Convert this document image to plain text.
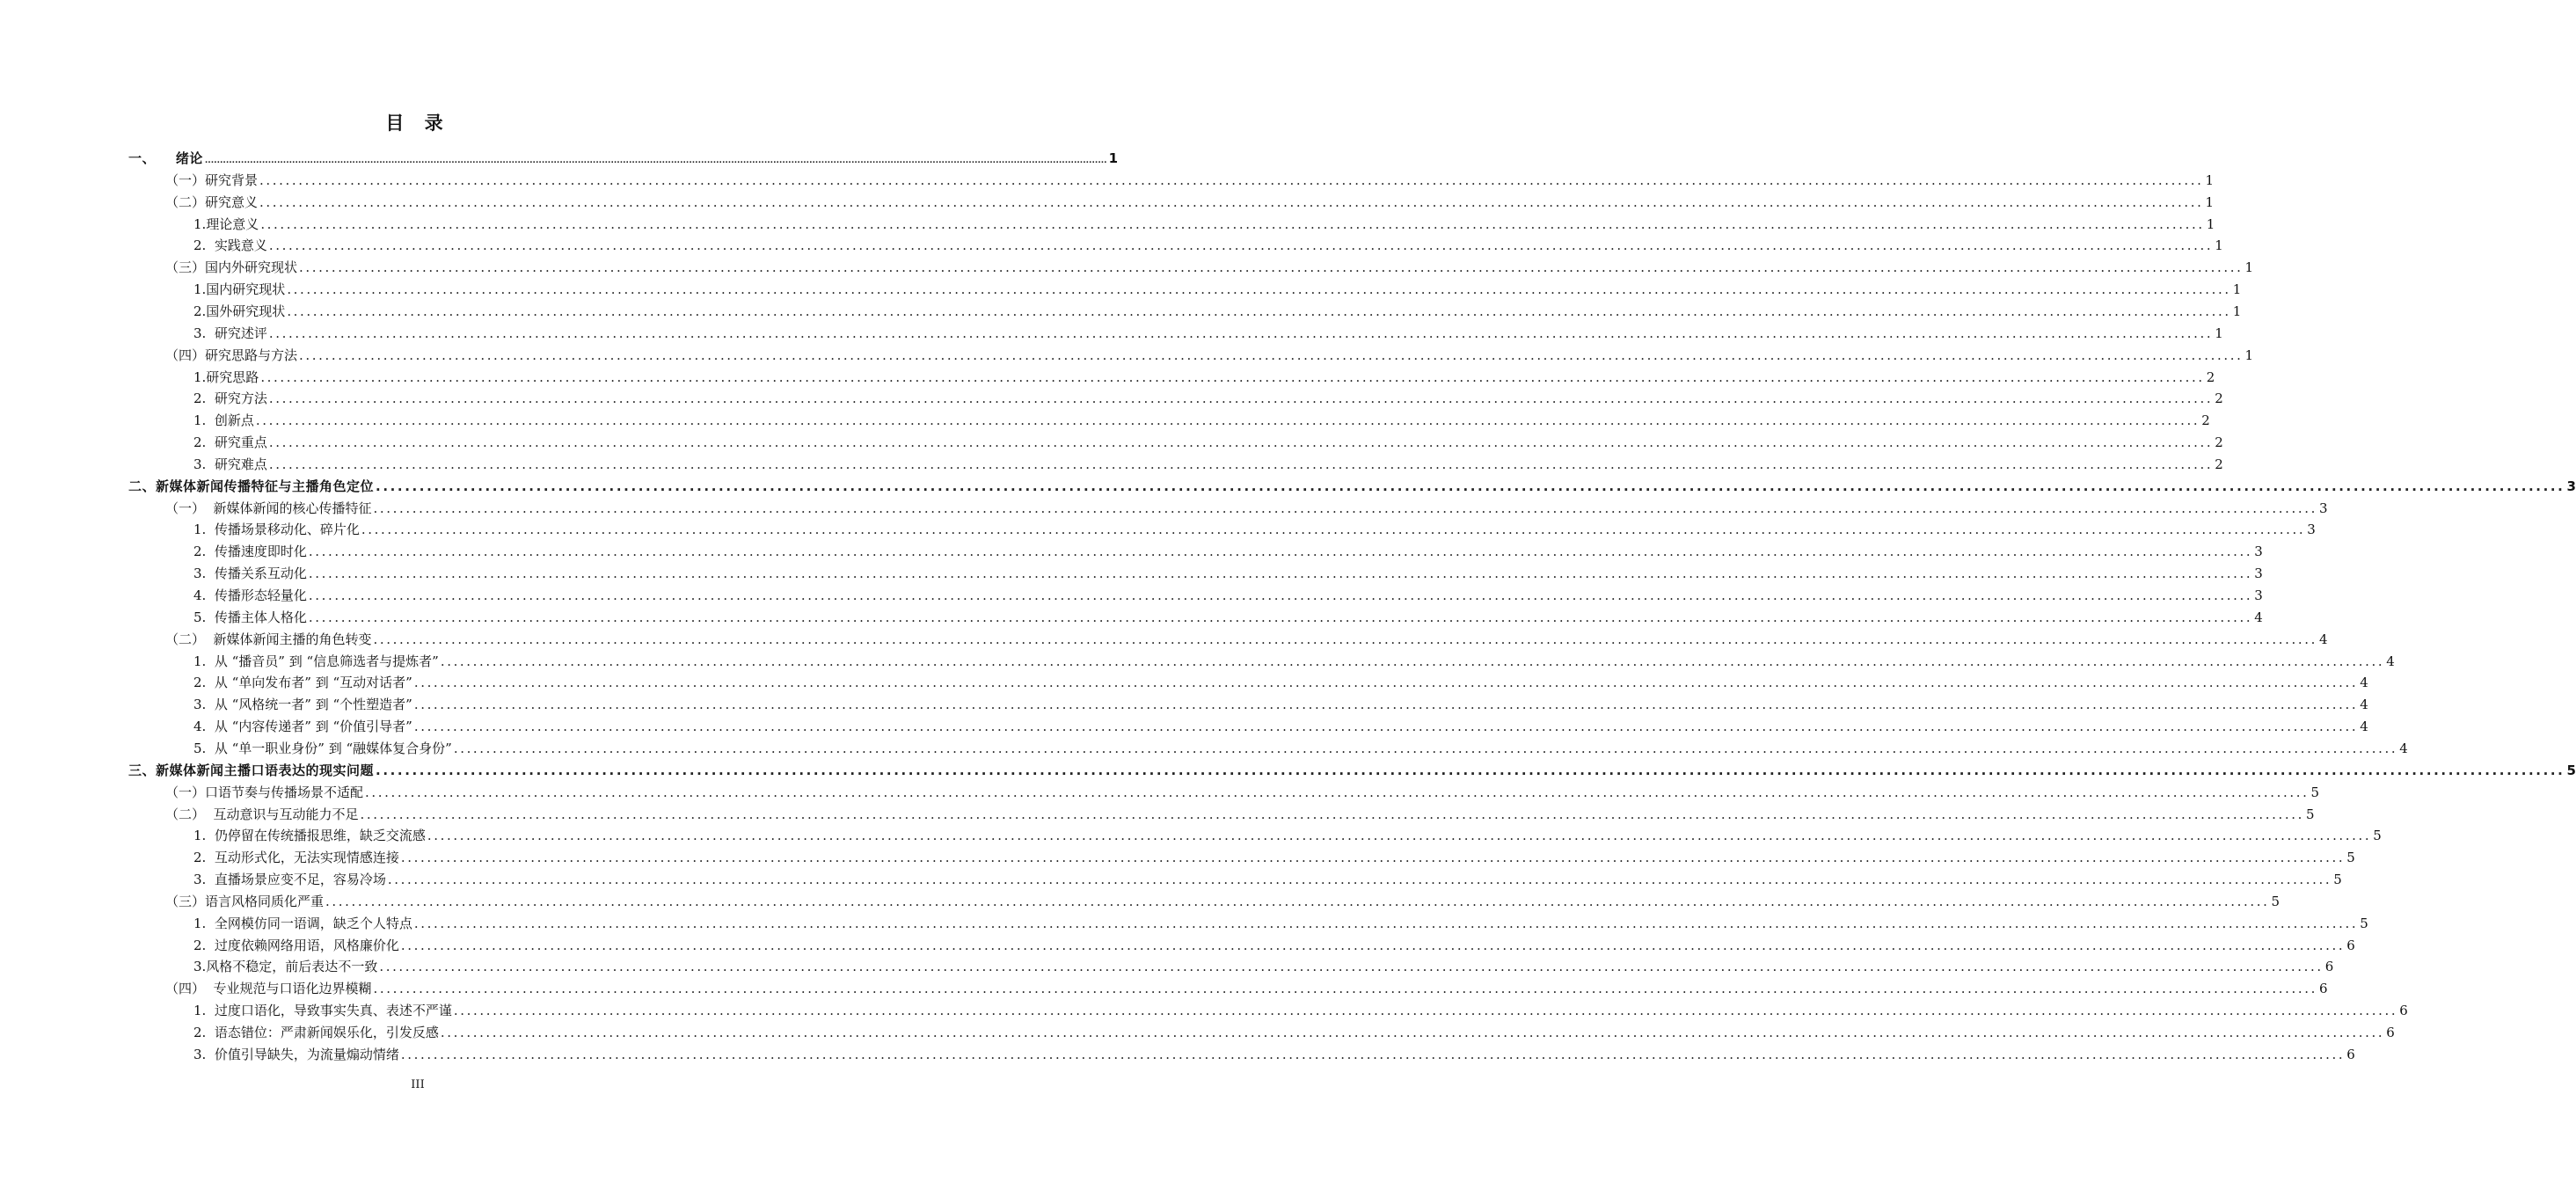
目 录
一、    绪论 ............................................................................................................................................................................................................................................................................................................ 1
（一）研究背景 ............................................................................................................................................................................................................................................................................................................ 1
（二）研究意义 ............................................................................................................................................................................................................................................................................................................ 1
1.理论意义 ............................................................................................................................................................................................................................................................................................................ 1
2.  实践意义 ............................................................................................................................................................................................................................................................................................................ 1
（三）国内外研究现状 ............................................................................................................................................................................................................................................................................................................ 1
1.国内研究现状 ............................................................................................................................................................................................................................................................................................................ 1
2.国外研究现状 ............................................................................................................................................................................................................................................................................................................ 1
3.  研究述评 ............................................................................................................................................................................................................................................................................................................ 1
（四）研究思路与方法 ............................................................................................................................................................................................................................................................................................................ 1
1.研究思路 ............................................................................................................................................................................................................................................................................................................ 2
2.  研究方法 ............................................................................................................................................................................................................................................................................................................ 2
1.  创新点 ............................................................................................................................................................................................................................................................................................................ 2
2.  研究重点 ............................................................................................................................................................................................................................................................................................................ 2
3.  研究难点 ............................................................................................................................................................................................................................................................................................................ 2
二、新媒体新闻传播特征与主播角色定位 ............................................................................................................................................................................................................................................................................................................ 3
（一）  新媒体新闻的核心传播特征 ............................................................................................................................................................................................................................................................................................................ 3
1.  传播场景移动化、碎片化 ............................................................................................................................................................................................................................................................................................................ 3
2.  传播速度即时化 ............................................................................................................................................................................................................................................................................................................ 3
3.  传播关系互动化 ............................................................................................................................................................................................................................................................................................................ 3
4.  传播形态轻量化 ............................................................................................................................................................................................................................................................................................................ 3
5.  传播主体人格化 ............................................................................................................................................................................................................................................................................................................ 4
（二）  新媒体新闻主播的角色转变 ............................................................................................................................................................................................................................................................................................................ 4
1.  从 “播音员” 到 “信息筛选者与提炼者” ............................................................................................................................................................................................................................................................................................................ 4
2.  从 “单向发布者” 到 “互动对话者” ............................................................................................................................................................................................................................................................................................................ 4
3.  从 “风格统一者” 到 “个性塑造者” ............................................................................................................................................................................................................................................................................................................ 4
4.  从 “内容传递者” 到 “价值引导者” ............................................................................................................................................................................................................................................................................................................ 4
5.  从 “单一职业身份” 到 “融媒体复合身份” ............................................................................................................................................................................................................................................................................................................ 4
三、新媒体新闻主播口语表达的现实问题 ............................................................................................................................................................................................................................................................................................................ 5
（一）口语节奏与传播场景不适配 ............................................................................................................................................................................................................................................................................................................ 5
（二）  互动意识与互动能力不足 ............................................................................................................................................................................................................................................................................................................ 5
1.  仍停留在传统播报思维，缺乏交流感 ............................................................................................................................................................................................................................................................................................................ 5
2.  互动形式化，无法实现情感连接 ............................................................................................................................................................................................................................................................................................................ 5
3.  直播场景应变不足，容易冷场 ............................................................................................................................................................................................................................................................................................................ 5
（三）语言风格同质化严重 ............................................................................................................................................................................................................................................................................................................ 5
1.  全网模仿同一语调，缺乏个人特点 ............................................................................................................................................................................................................................................................................................................ 5
2.  过度依赖网络用语，风格廉价化 ............................................................................................................................................................................................................................................................................................................ 6
3.风格不稳定，前后表达不一致 ............................................................................................................................................................................................................................................................................................................ 6
（四）  专业规范与口语化边界模糊 ............................................................................................................................................................................................................................................................................................................ 6
1.  过度口语化，导致事实失真、表述不严谨 ............................................................................................................................................................................................................................................................................................................ 6
2.  语态错位：严肃新闻娱乐化，引发反感 ............................................................................................................................................................................................................................................................................................................ 6
3.  价值引导缺失，为流量煽动情绪 ............................................................................................................................................................................................................................................................................................................ 6
III
